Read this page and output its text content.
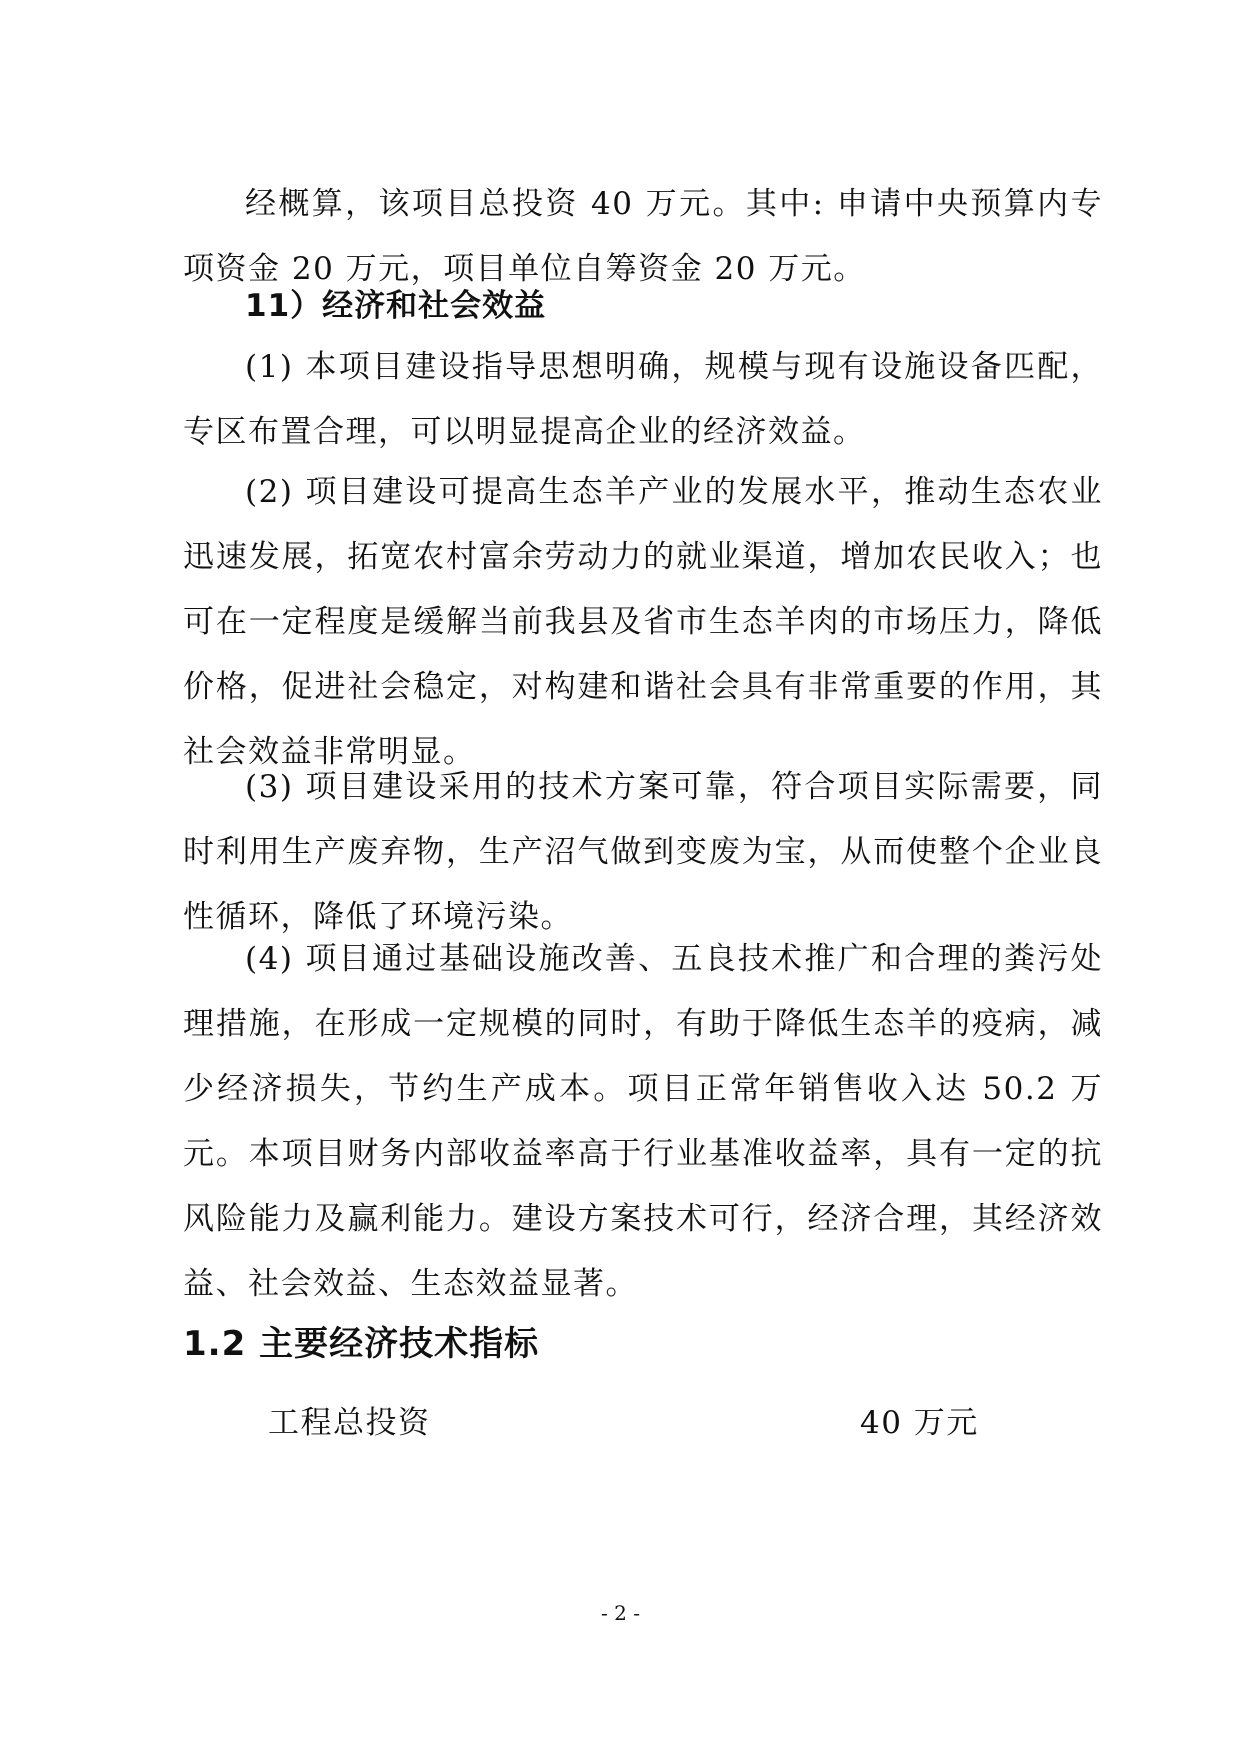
经概算，该项目总投资 40 万元。其中: 申请中央预算内专项资金 20 万元，项目单位自筹资金 20 万元。

11）经济和社会效益

(1) 本项目建设指导思想明确，规模与现有设施设备匹配，专区布置合理，可以明显提高企业的经济效益。

(2) 项目建设可提高生态羊产业的发展水平，推动生态农业迅速发展，拓宽农村富余劳动力的就业渠道，增加农民收入；也可在一定程度是缓解当前我县及省市生态羊肉的市场压力，降低价格，促进社会稳定，对构建和谐社会具有非常重要的作用，其社会效益非常明显。

(3) 项目建设采用的技术方案可靠，符合项目实际需要，同时利用生产废弃物，生产沼气做到变废为宝，从而使整个企业良性循环，降低了环境污染。

(4) 项目通过基础设施改善、五良技术推广和合理的粪污处理措施，在形成一定规模的同时，有助于降低生态羊的疫病，减少经济损失，节约生产成本。项目正常年销售收入达 50.2 万元。本项目财务内部收益率高于行业基准收益率，具有一定的抗风险能力及赢利能力。建设方案技术可行，经济合理，其经济效益、社会效益、生态效益显著。

1.2 主要经济技术指标
工程总投资	40 万元
- 2 -
